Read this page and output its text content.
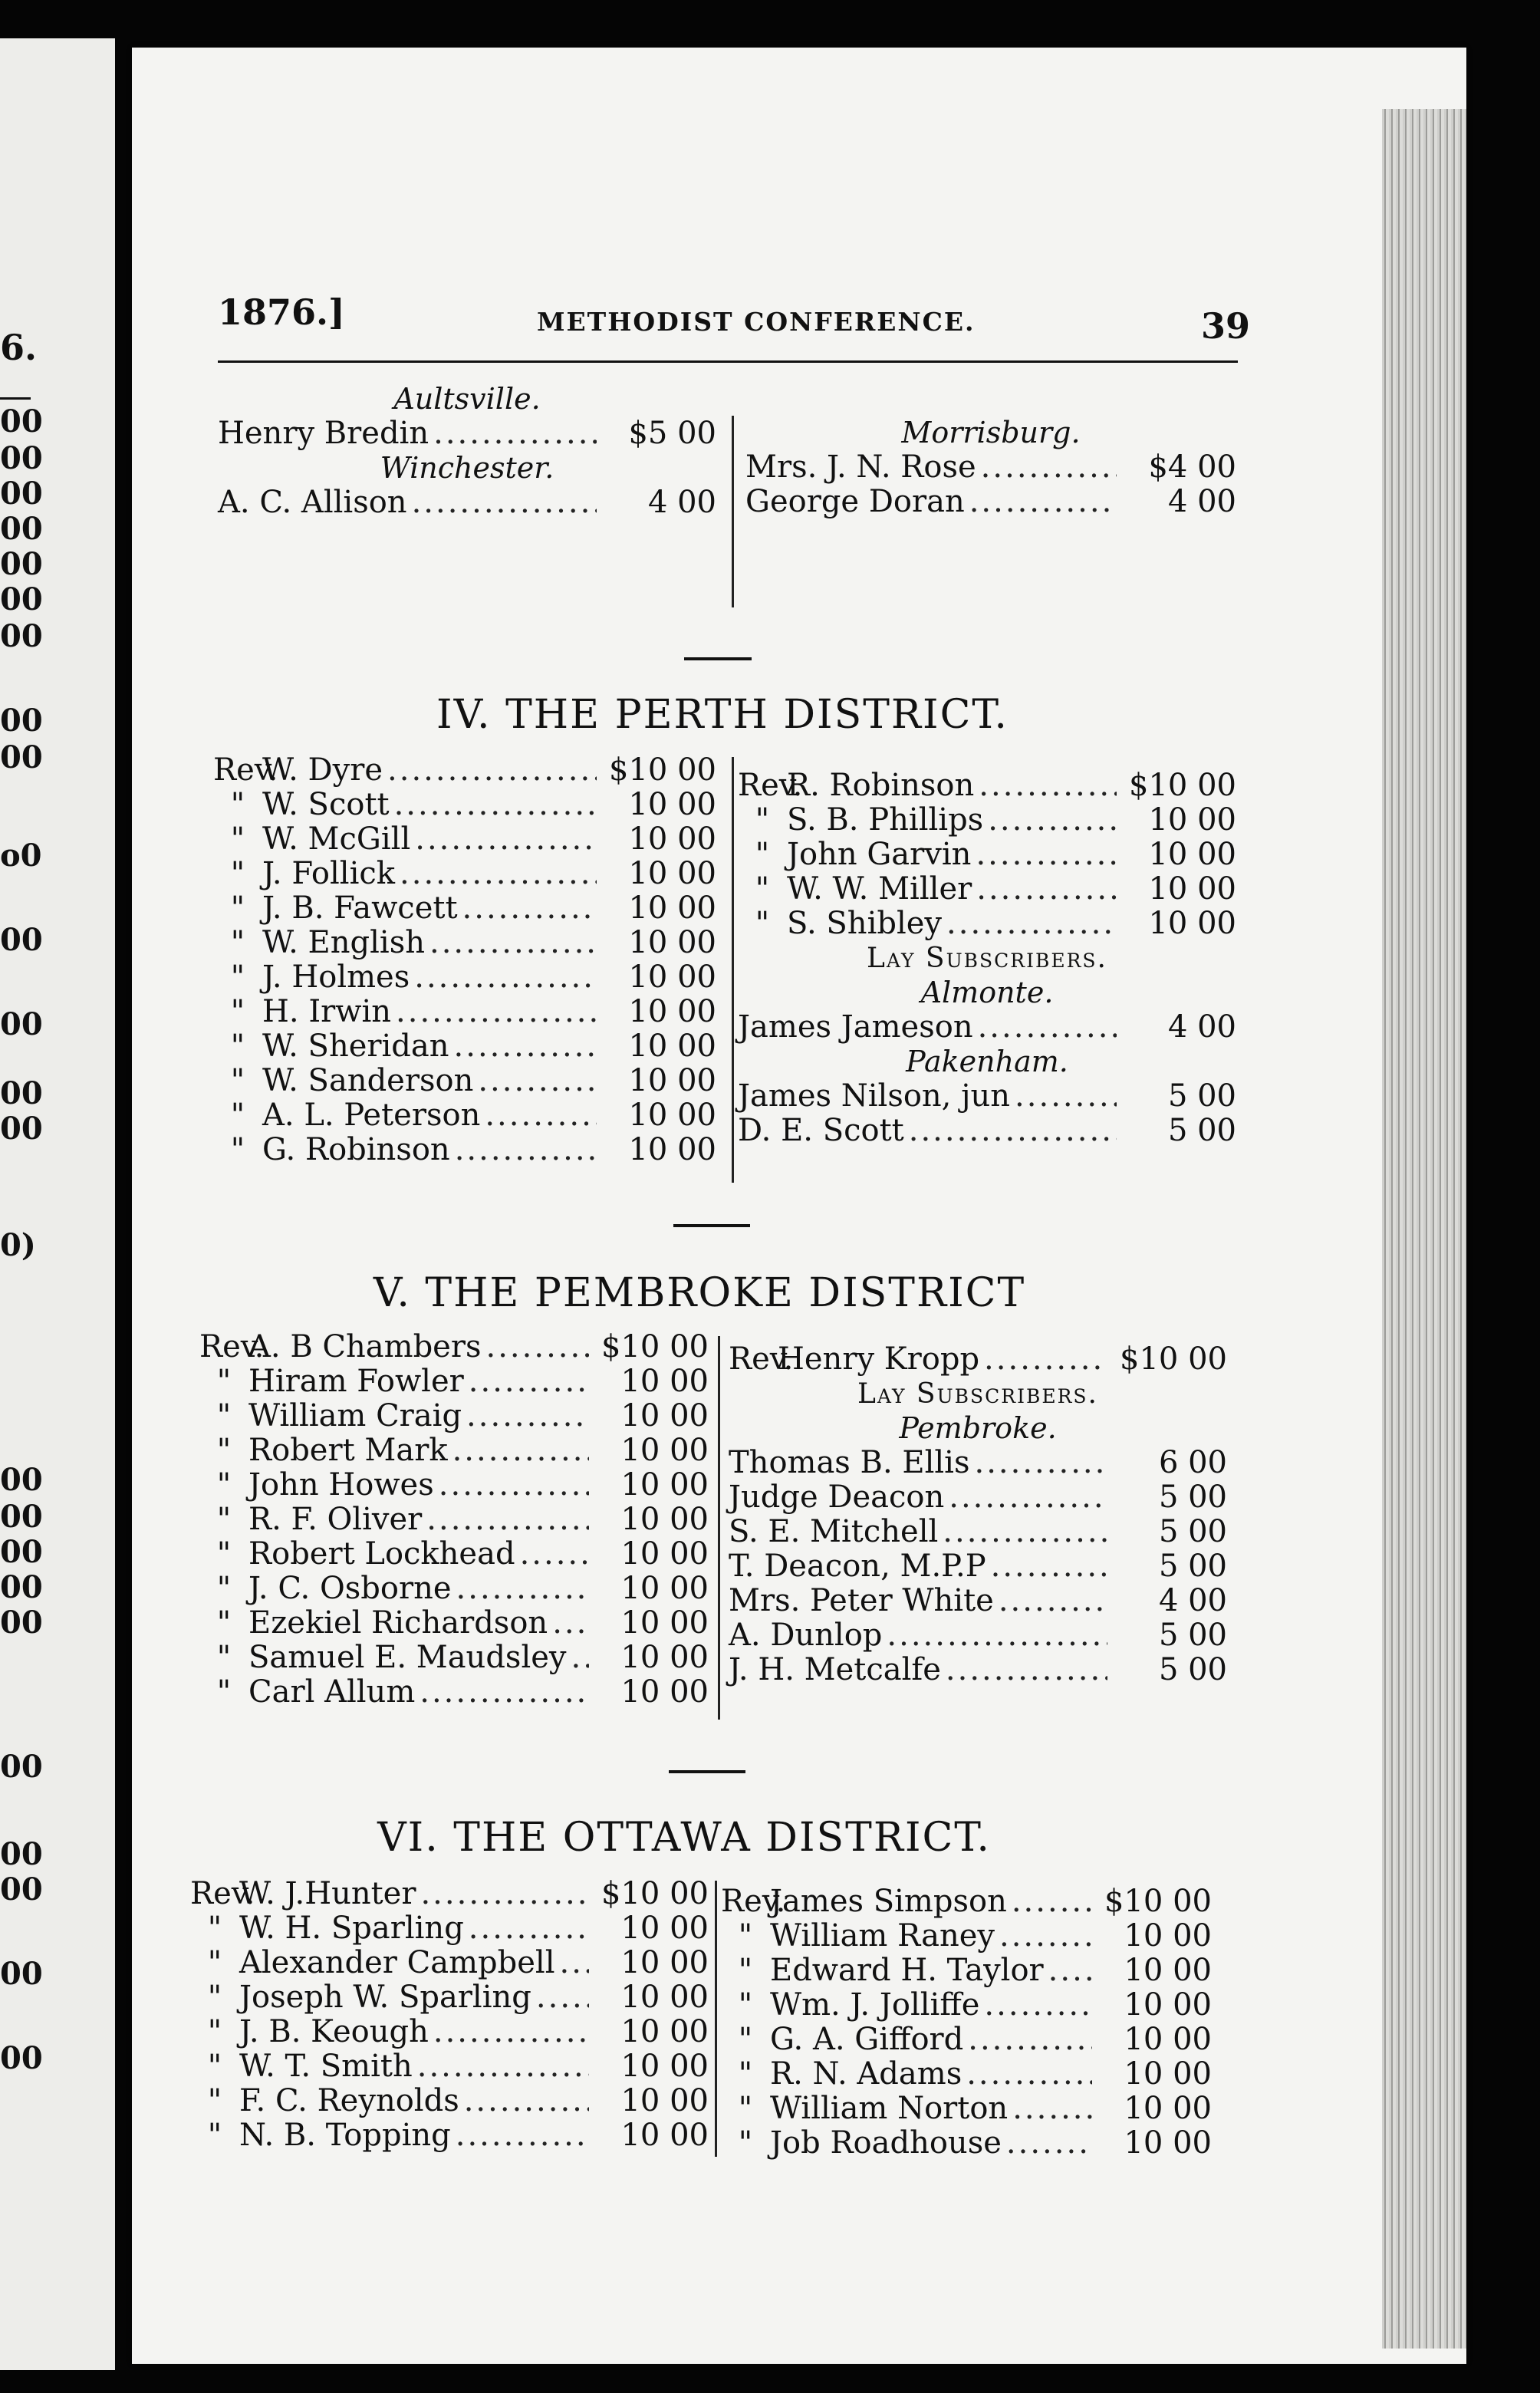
6.
00
00
00
00
00
00
00
00
00
o0
00
00
00
00
0)
00
00
00
00
00
00
00
00
00
00
1876.]	METHODIST CONFERENCE.	39
Aultsville.
Henry Bredin .....	$5 00
Winchester.
A. C. Allison .....	4 00
Morrisburg.
Mrs. J. N. Rose .....	$4 00
George Doran .....	4 00
IV. THE PERTH DISTRICT.
Rev.
W. Dyre .....	$10 00
" W. Scott .....	10 00
" W. McGill .....	10 00
" J. Follick .....	10 00
" J. B. Fawcett .....	10 00
" W. English .....	10 00
" J. Holmes .....	10 00
" H. Irwin .....	10 00
" W. Sheridan .....	10 00
" W. Sanderson .....	10 00
" A. L. Peterson .....	10 00
" G. Robinson .....	10 00
Rev.
R. Robinson .....	$10 00
" S. B. Phillips .....	10 00
" John Garvin .....	10 00
" W. W. Miller .....	10 00
" S. Shibley .....	10 00
Lay Subscribers.
Almonte.
James Jameson .....	4 00
Pakenham.
James Nilson, jun .....	5 00
D. E. Scott .....	5 00
V. THE PEMBROKE DISTRICT
Rev.
A. B Chambers .....	$10 00
" Hiram Fowler .....	10 00
" William Craig .....	10 00
" Robert Mark .....	10 00
" John Howes .....	10 00
" R. F. Oliver .....	10 00
" Robert Lockhead .....	10 00
" J. C. Osborne .....	10 00
" Ezekiel Richardson .....	10 00
" Samuel E. Maudsley .....	10 00
" Carl Allum .....	10 00
Rev.
Henry Kropp .....	$10 00
Lay Subscribers.
Pembroke.
Thomas B. Ellis .....	6 00
Judge Deacon .....	5 00
S. E. Mitchell .....	5 00
T. Deacon, M.P.P .....	5 00
Mrs. Peter White .....	4 00
A. Dunlop .....	5 00
J. H. Metcalfe .....	5 00
VI. THE OTTAWA DISTRICT.
Rev.
W. J.Hunter .....	$10 00
" W. H. Sparling .....	10 00
" Alexander Campbell .....	10 00
" Joseph W. Sparling .....	10 00
" J. B. Keough .....	10 00
" W. T. Smith .....	10 00
" F. C. Reynolds .....	10 00
" N. B. Topping .....	10 00
Rev.
James Simpson .....	$10 00
" William Raney .....	10 00
" Edward H. Taylor .....	10 00
" Wm. J. Jolliffe .....	10 00
" G. A. Gifford .....	10 00
" R. N. Adams .....	10 00
" William Norton .....	10 00
" Job Roadhouse .....	10 00
